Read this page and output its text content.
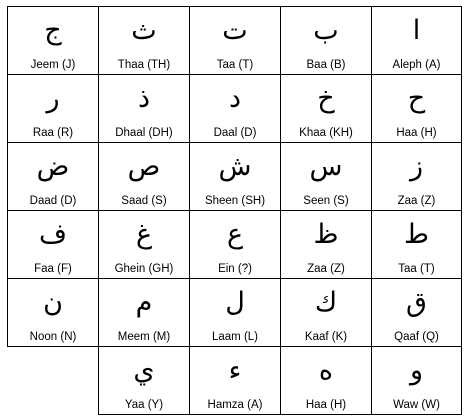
ج
Jeem (J)
ث
Thaa (TH)
ت
Taa (T)
ب
Baa (B)
ا
Aleph (A)
ر
Raa (R)
ذ
Dhaal (DH)
د
Daal (D)
خ
Khaa (KH)
ح
Haa (H)
ض
Daad (D)
ص
Saad (S)
ش
Sheen (SH)
س
Seen (S)
ز
Zaa (Z)
ف
Faa (F)
غ
Ghein (GH)
ع
Ein (?)
ظ
Zaa (Z)
ط
Taa (T)
ن
Noon (N)
م
Meem (M)
ل
Laam (L)
ك
Kaaf (K)
ق
Qaaf (Q)
ي
Yaa (Y)
ء
Hamza (A)
ه
Haa (H)
و
Waw (W)
